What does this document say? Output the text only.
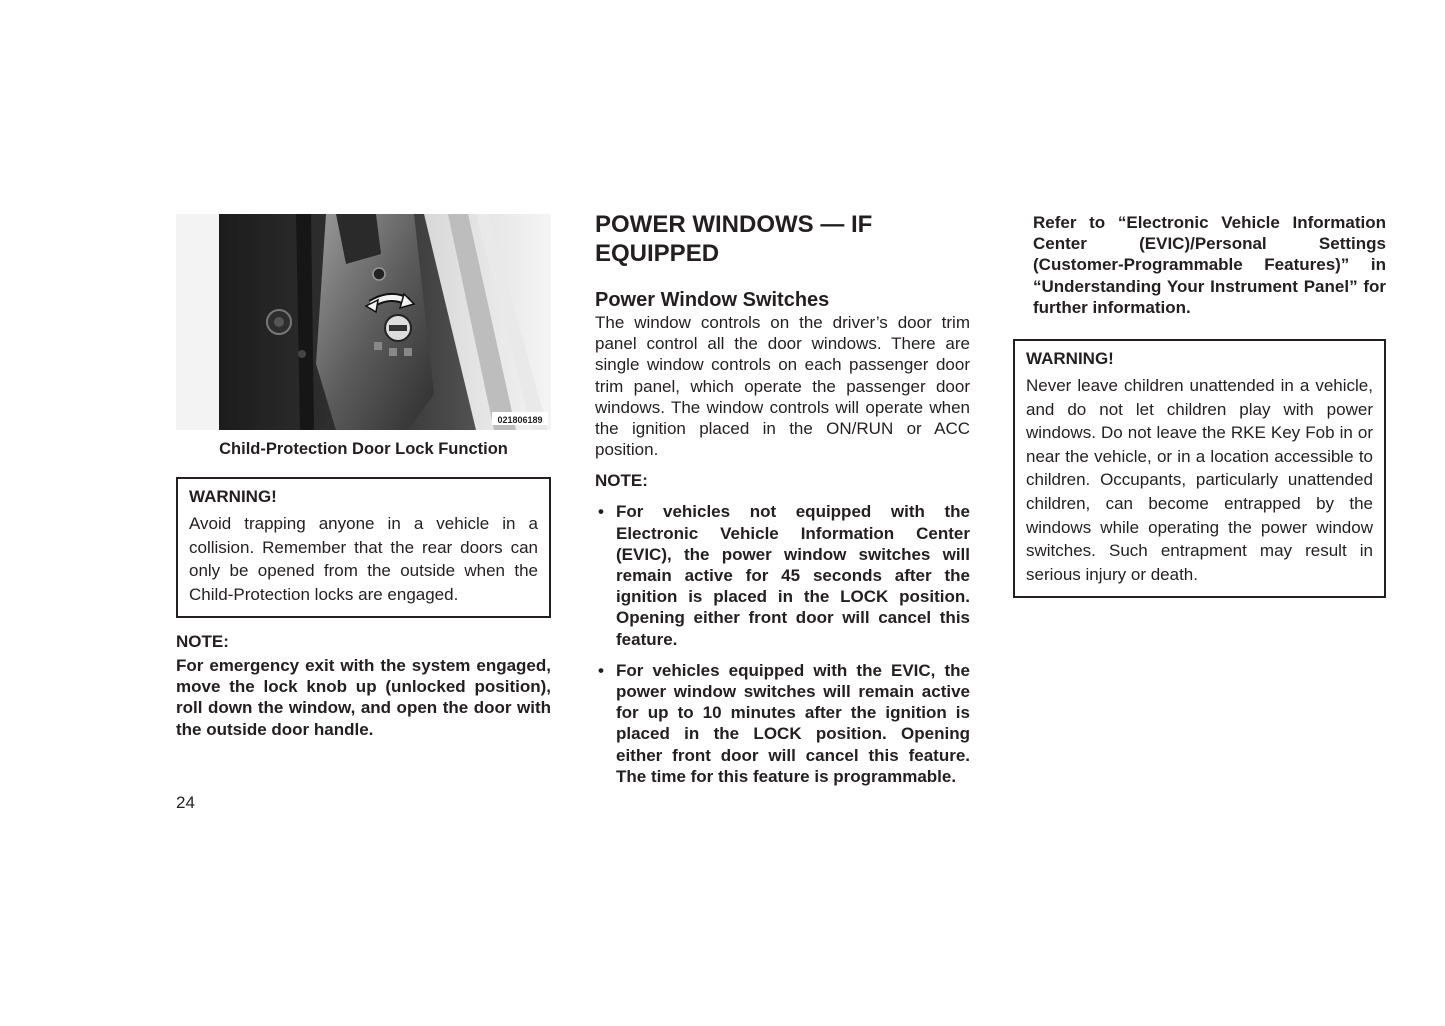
021806189
Child-Protection Door Lock Function
WARNING!
Avoid trapping anyone in a vehicle in a collision. Remember that the rear doors can only be opened from the outside when the Child-Protection locks are engaged.
NOTE:
For emergency exit with the system engaged, move the lock knob up (unlocked position), roll down the window, and open the door with the outside door handle.
POWER WINDOWS — IF EQUIPPED
Power Window Switches
The window controls on the driver’s door trim panel control all the door windows. There are single window controls on each passenger door trim panel, which operate the passenger door windows. The window controls will operate when the ignition placed in the ON/RUN or ACC position.
NOTE:
• For vehicles not equipped with the Electronic Vehicle Information Center (EVIC), the power window switches will remain active for 45 seconds after the ignition is placed in the LOCK position. Opening either front door will cancel this feature.
• For vehicles equipped with the EVIC, the power window switches will remain active for up to 10 minutes after the ignition is placed in the LOCK position. Opening either front door will cancel this feature. The time for this feature is programmable.
Refer to “Electronic Vehicle Information Center (EVIC)/Personal Settings (Customer-Programmable Features)” in “Understanding Your Instrument Panel” for further information.
WARNING!
Never leave children unattended in a vehicle, and do not let children play with power windows. Do not leave the RKE Key Fob in or near the vehicle, or in a location accessible to children. Occupants, particularly unattended children, can become entrapped by the windows while operating the power window switches. Such entrapment may result in serious injury or death.
24
